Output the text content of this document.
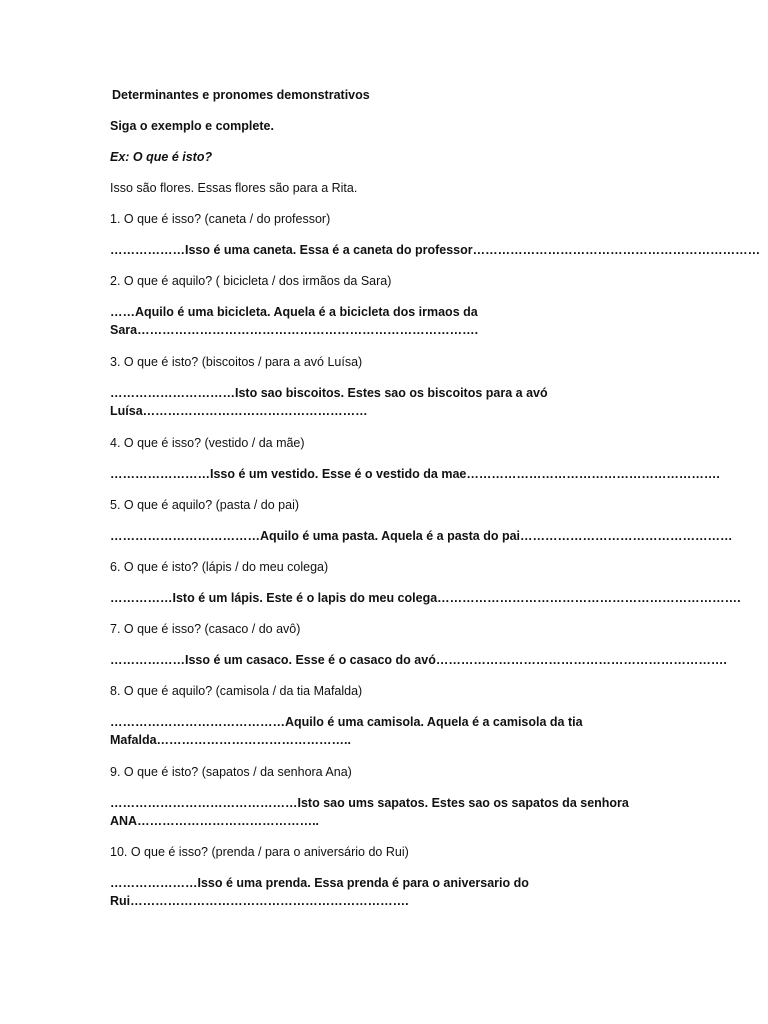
Determinantes e pronomes demonstrativos
Siga o exemplo e complete.
Ex: O que é isto?
Isso são flores. Essas flores são para a Rita.
1. O que é isso? (caneta / do professor)
………………Isso é uma caneta. Essa é a caneta do professor……………………………………………………………
2. O que é aquilo? ( bicicleta / dos irmãos da Sara)
……Aquilo é uma bicicleta. Aquela é a bicicleta dos irmaos da
Sara……………………………………………………………………….
3. O que é isto? (biscoitos / para a avó Luísa)
…………………………Isto sao biscoitos. Estes sao os biscoitos para a avó
Luísa………………………………………………
4. O que é isso? (vestido / da mãe)
……………………Isso é um vestido. Esse é o vestido da mae…………………………………………………….
5. O que é aquilo? (pasta / do pai)
………………………………Aquilo é uma pasta. Aquela é a pasta do pai……………………………………………
6. O que é isto? (lápis / do meu colega)
……………Isto é um lápis. Este é o lapis do meu colega……………………………………………………………….
7. O que é isso? (casaco / do avô)
………………Isso é um casaco. Esse é o casaco do avó…………………………………………………………….
8. O que é aquilo? (camisola / da tia Mafalda)
……………………………………Aquilo é uma camisola. Aquela é a camisola da tia
Mafalda………………………………………..
9. O que é isto? (sapatos / da senhora Ana)
………………………………………Isto sao ums sapatos. Estes sao os sapatos da senhora
ANA……………………………………..
10. O que é isso? (prenda / para o aniversário do Rui)
…………………Isso é uma prenda. Essa prenda é para o aniversario do
Rui………………………………………………………….
